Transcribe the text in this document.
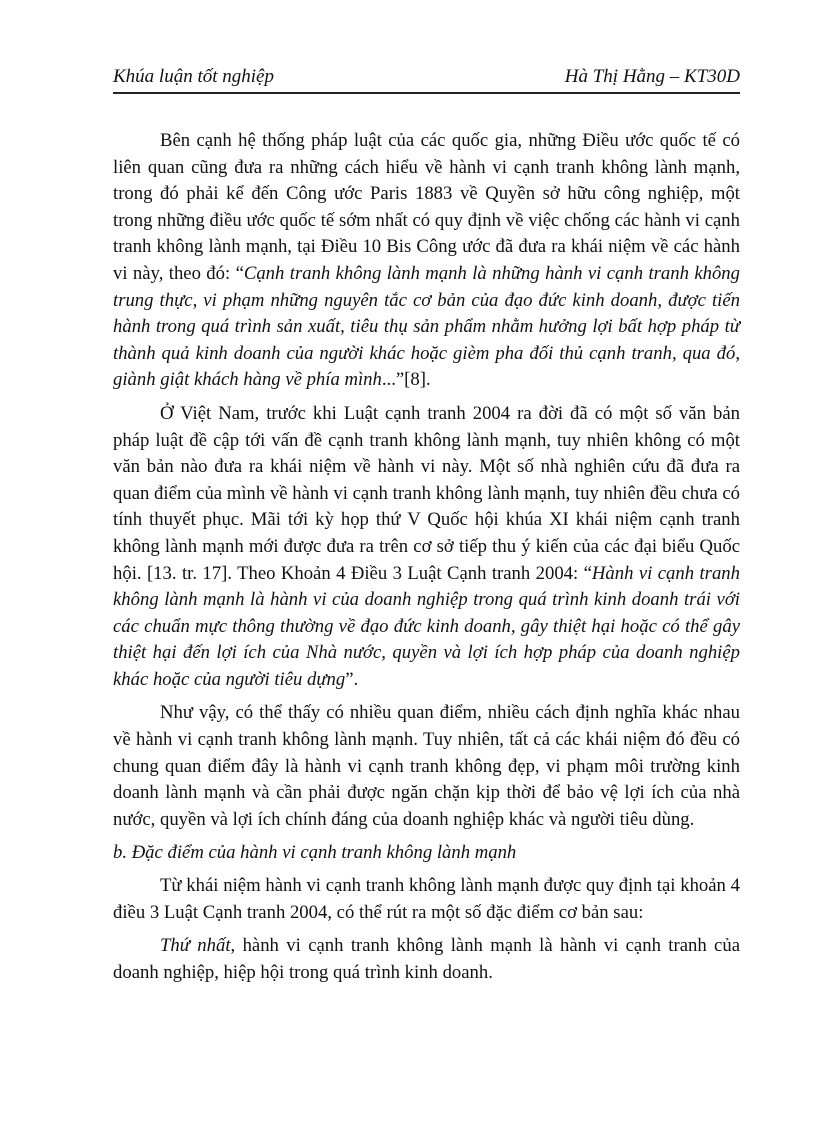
Khúa luận tốt nghiệp	Hà Thị Hằng – KT30D

Bên cạnh hệ thống pháp luật của các quốc gia, những Điều ước quốc tế có liên quan cũng đưa ra những cách hiểu về hành vi cạnh tranh không lành mạnh, trong đó phải kể đến Công ước Paris 1883 về Quyền sở hữu công nghiệp, một trong những điều ước quốc tế sớm nhất có quy định về việc chống các hành vi cạnh tranh không lành mạnh, tại Điều 10 Bis Công ước đã đưa ra khái niệm về các hành vi này, theo đó: “Cạnh tranh không lành mạnh là những hành vi cạnh tranh không trung thực, vi phạm những nguyên tắc cơ bản của đạo đức kinh doanh, được tiến hành trong quá trình sản xuất, tiêu thụ sản phẩm nhằm hưởng lợi bất hợp pháp từ thành quả kinh doanh của người khác hoặc gièm pha đối thủ cạnh tranh, qua đó, giành giật khách hàng về phía mình...”[8].

Ở Việt Nam, trước khi Luật cạnh tranh 2004 ra đời đã có một số văn bản pháp luật đề cập tới vấn đề cạnh tranh không lành mạnh, tuy nhiên không có một văn bản nào đưa ra khái niệm về hành vi này. Một số nhà nghiên cứu đã đưa ra quan điểm của mình về hành vi cạnh tranh không lành mạnh, tuy nhiên đều chưa có tính thuyết phục. Mãi tới kỳ họp thứ V Quốc hội khúa XI khái niệm cạnh tranh không lành mạnh mới được đưa ra trên cơ sở tiếp thu ý kiến của các đại biểu Quốc hội. [13. tr. 17]. Theo Khoản 4 Điều 3 Luật Cạnh tranh 2004: “Hành vi cạnh tranh không lành mạnh là hành vi của doanh nghiệp trong quá trình kinh doanh trái với các chuẩn mực thông thường về đạo đức kinh doanh, gây thiệt hại hoặc có thể gây thiệt hại đến lợi ích của Nhà nước, quyền và lợi ích hợp pháp của doanh nghiệp khác hoặc của người tiêu dựng”.

Như vậy, có thể thấy có nhiều quan điểm, nhiều cách định nghĩa khác nhau về hành vi cạnh tranh không lành mạnh. Tuy nhiên, tất cả các khái niệm đó đều có chung quan điểm đây là hành vi cạnh tranh không đẹp, vi phạm môi trường kinh doanh lành mạnh và cần phải được ngăn chặn kịp thời để bảo vệ lợi ích của nhà nước, quyền và lợi ích chính đáng của doanh nghiệp khác và người tiêu dùng.

b. Đặc điểm của hành vi cạnh tranh không lành mạnh

Từ khái niệm hành vi cạnh tranh không lành mạnh được quy định tại khoản 4 điều 3 Luật Cạnh tranh 2004, có thể rút ra một số đặc điểm cơ bản sau:

Thứ nhất, hành vi cạnh tranh không lành mạnh là hành vi cạnh tranh của doanh nghiệp, hiệp hội trong quá trình kinh doanh.
